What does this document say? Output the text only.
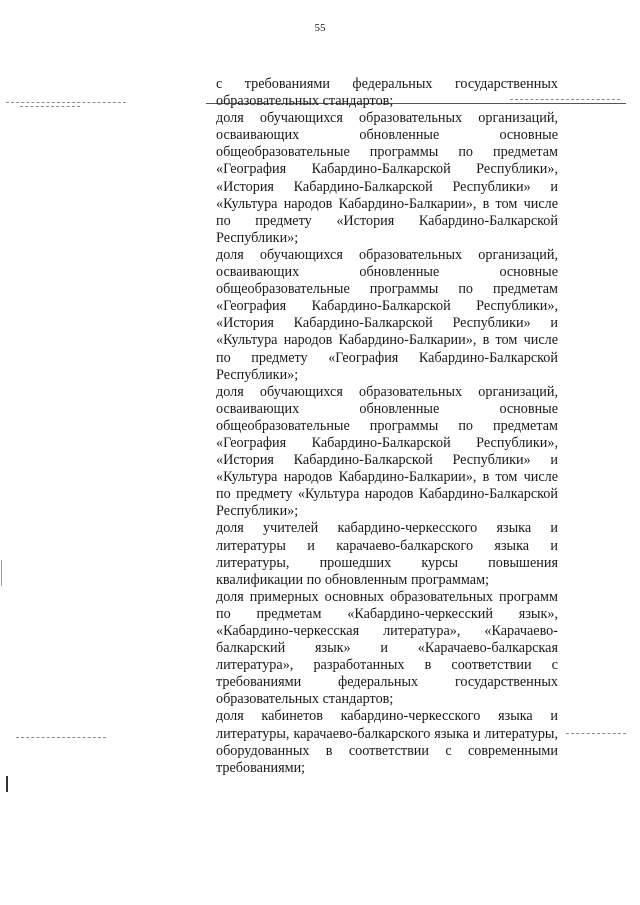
55

с требованиями федеральных государственных образовательных стандартов;

доля обучающихся образовательных организаций, осваивающих обновленные основные общеобразовательные программы по предметам «География Кабардино-Балкарской Республики», «История Кабардино-Балкарской Республики» и «Культура народов Кабардино-Балкарии», в том числе по предмету «История Кабардино-Балкарской Республики»;

доля обучающихся образовательных организаций, осваивающих обновленные основные общеобразовательные программы по предметам «География Кабардино-Балкарской Республики», «История Кабардино-Балкарской Республики» и «Культура народов Кабардино-Балкарии», в том числе по предмету «География Кабардино-Балкарской Республики»;

доля обучающихся образовательных организаций, осваивающих обновленные основные общеобразовательные программы по предметам «География Кабардино-Балкарской Республики», «История Кабардино-Балкарской Республики» и «Культура народов Кабардино-Балкарии», в том числе по предмету «Культура народов Кабардино-Балкарской Республики»;

доля учителей кабардино-черкесского языка и литературы и карачаево-балкарского языка и литературы, прошедших курсы повышения квалификации по обновленным программам;

доля примерных основных образовательных программ по предметам «Кабардино-черкесский язык», «Кабардино-черкесская литература», «Карачаево-балкарский язык» и «Карачаево-балкарская литература», разработанных в соответствии с требованиями федеральных государственных образовательных стандартов;

доля кабинетов кабардино-черкесского языка и литературы, карачаево-балкарского языка и литературы, оборудованных в соответствии с современными требованиями;
